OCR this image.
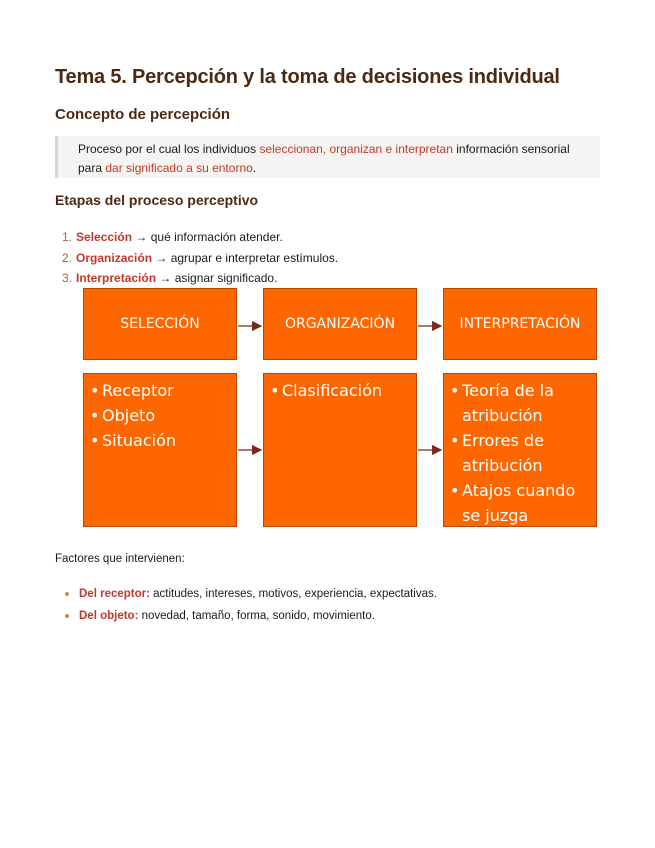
Tema 5. Percepción y la toma de decisiones individual
Concepto de percepción
Proceso por el cual los individuos seleccionan, organizan e interpretan información sensorial para dar significado a su entorno.
Etapas del proceso perceptivo
1. Selección → qué información atender.
2. Organización → agrupar e interpretar estímulos.
3. Interpretación → asignar significado.
SELECCIÓN	ORGANIZACIÓN	INTERPRETACIÓN
• Receptor
• Objeto
• Situación
• Clasificación
•	Teoría de la atribución
• Errores de atribución
• Atajos cuando se juzga
Factores que intervienen:
Del receptor: actitudes, intereses, motivos, experiencia, expectativas.
Del objeto: novedad, tamaño, forma, sonido, movimiento.
